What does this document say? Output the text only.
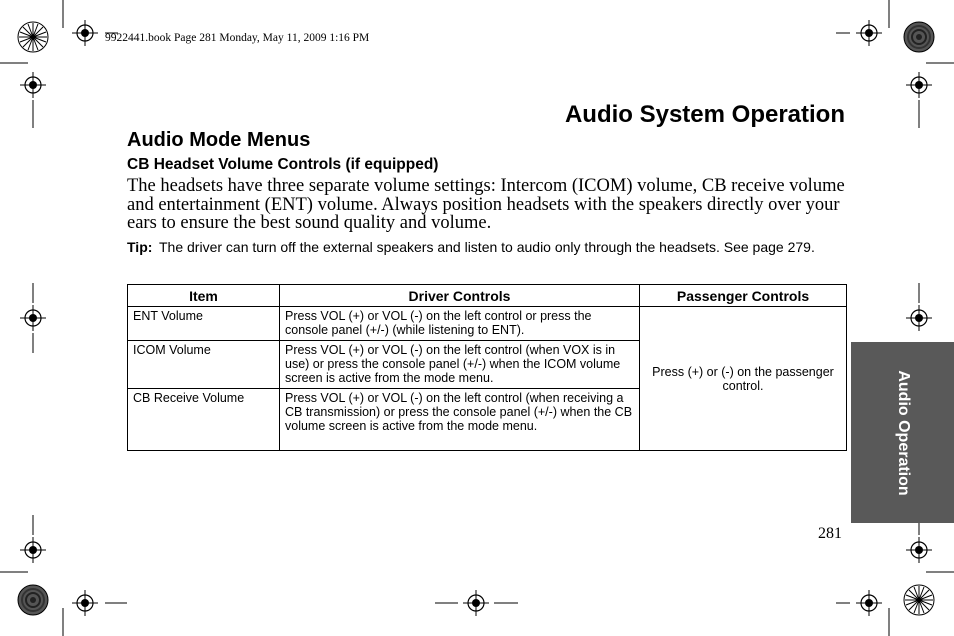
9922441.book Page 281 Monday, May 11, 2009 1:16 PM
Audio System Operation
Audio Mode Menus
CB Headset Volume Controls (if equipped)
The headsets have three separate volume settings: Intercom (ICOM) volume, CB receive volume and entertainment (ENT) volume. Always position headsets with the speakers directly over your ears to ensure the best sound quality and volume.
Tip: The driver can turn off the external speakers and listen to audio only through the headsets. See page 279.
Item	Driver Controls	Passenger Controls
ENT Volume	Press VOL (+) or VOL (-) on the left control or press the console panel (+/-) (while listening to ENT).	Press (+) or (-) on the passenger control.
ICOM Volume	Press VOL (+) or VOL (-) on the left control (when VOX is in use) or press the console panel (+/-) when the ICOM volume screen is active from the mode menu.	
CB Receive Volume	Press VOL (+) or VOL (-) on the left control (when receiving a CB transmission) or press the console panel (+/-) when the CB volume screen is active from the mode menu.		Audio Operation
281
